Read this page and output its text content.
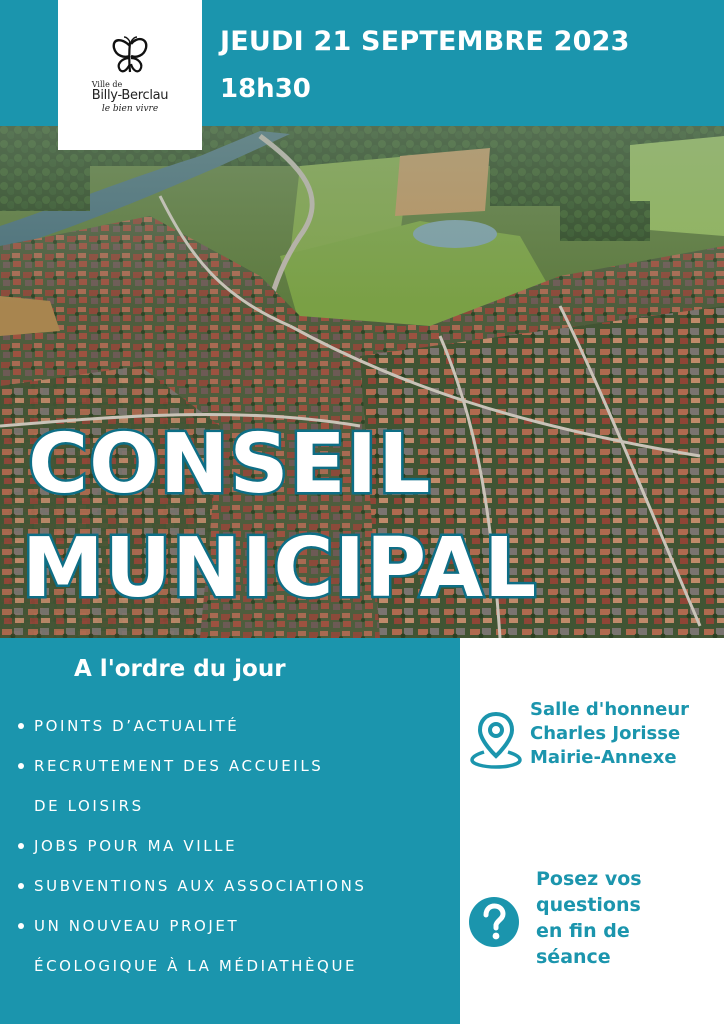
Ville de
Billy-Berclau
le bien vivre
JEUDI 21 SEPTEMBRE 2023
18h30
CONSEIL
MUNICIPAL
A l'ordre du jour
POINTS D’ACTUALITÉ
RECRUTEMENT DES ACCUEILS
DE LOISIRS
JOBS POUR MA VILLE
SUBVENTIONS AUX ASSOCIATIONS
UN NOUVEAU PROJET
ÉCOLOGIQUE À LA MÉDIATHÈQUE
Salle d'honneur
Charles Jorisse
Mairie-Annexe
Posez vos
questions
en fin de
séance
